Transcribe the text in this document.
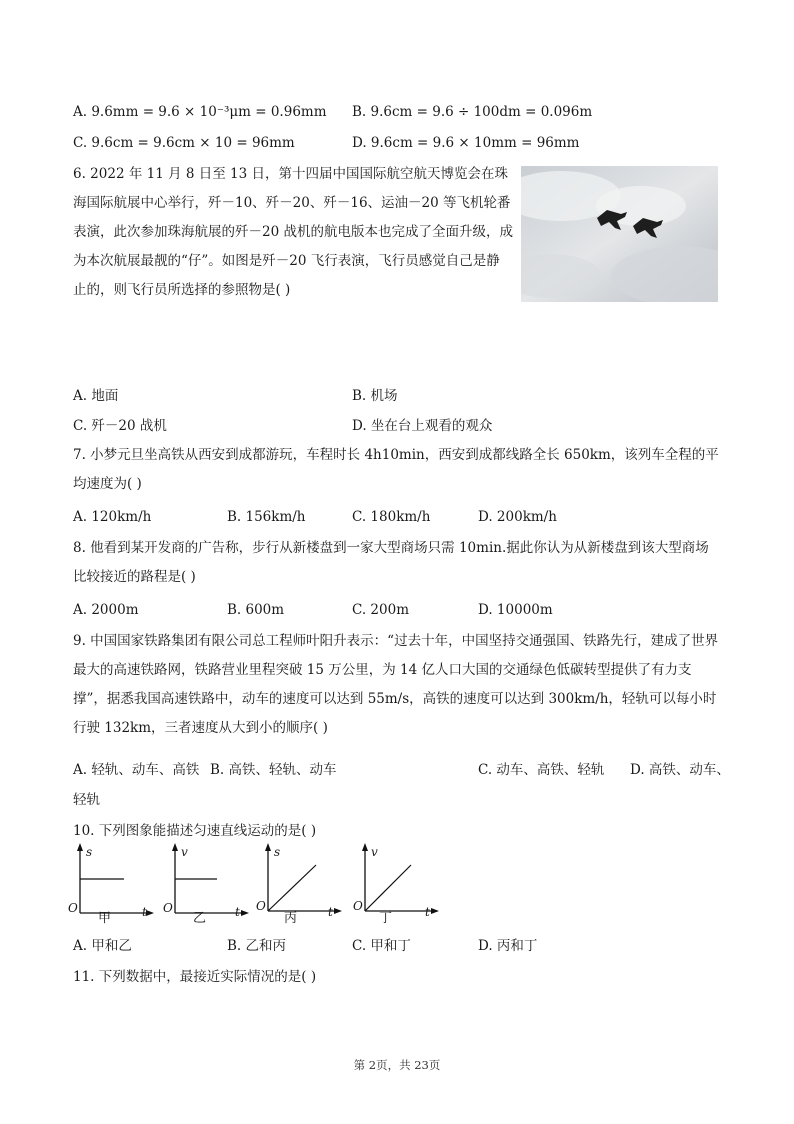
A. 9.6mm = 9.6 × 10⁻³μm = 0.96mm B. 9.6cm = 9.6 ÷ 100dm = 0.096m
C. 9.6cm = 9.6cm × 10 = 96mm	D. 9.6cm = 9.6 × 10mm = 96mm
6. 2022 年 11 月 8 日至 13 日，第十四届中国国际航空航天博览会在珠海国际航展中心举行，歼－10、歼－20、歼－16、运油－20 等飞机轮番表演，此次参加珠海航展的歼－20 战机的航电版本也完成了全面升级，成为本次航展最靓的“仔”。如图是歼－20 飞行表演，飞行员感觉自己是静止的，则飞行员所选择的参照物是( )
A. 地面	B. 机场
C. 歼－20 战机	D. 坐在台上观看的观众
7. 小梦元旦坐高铁从西安到成都游玩，车程时长 4h10min，西安到成都线路全长 650km，该列车全程的平均速度为( )
A. 120km/h	B. 156km/h	C. 180km/h	D. 200km/h
8. 他看到某开发商的广告称，步行从新楼盘到一家大型商场只需 10min.据此你认为从新楼盘到该大型商场比较接近的路程是( )
A. 2000m	B. 600m	C. 200m	D. 10000m
9. 中国国家铁路集团有限公司总工程师叶阳升表示：“过去十年，中国坚持交通强国、铁路先行，建成了世界最大的高速铁路网，铁路营业里程突破 15 万公里，为 14 亿人口大国的交通绿色低碳转型提供了有力支撑”，据悉我国高速铁路中，动车的速度可以达到 55m/s，高铁的速度可以达到 300km/h，轻轨可以每小时行驶 132km，三者速度从大到小的顺序( )
A. 轻轨、动车、高铁 B. 高铁、轻轨、动车	C. 动车、高铁、轻轨 D. 高铁、动车、
轻轨
10. 下列图象能描述匀速直线运动的是( )
s
O	t
甲
v
O	t
乙
s
O	t
丙
v
O	t
丁
A. 甲和乙	B. 乙和丙	C. 甲和丁	D. 丙和丁
11. 下列数据中，最接近实际情况的是( )
第 2页，共 23页
